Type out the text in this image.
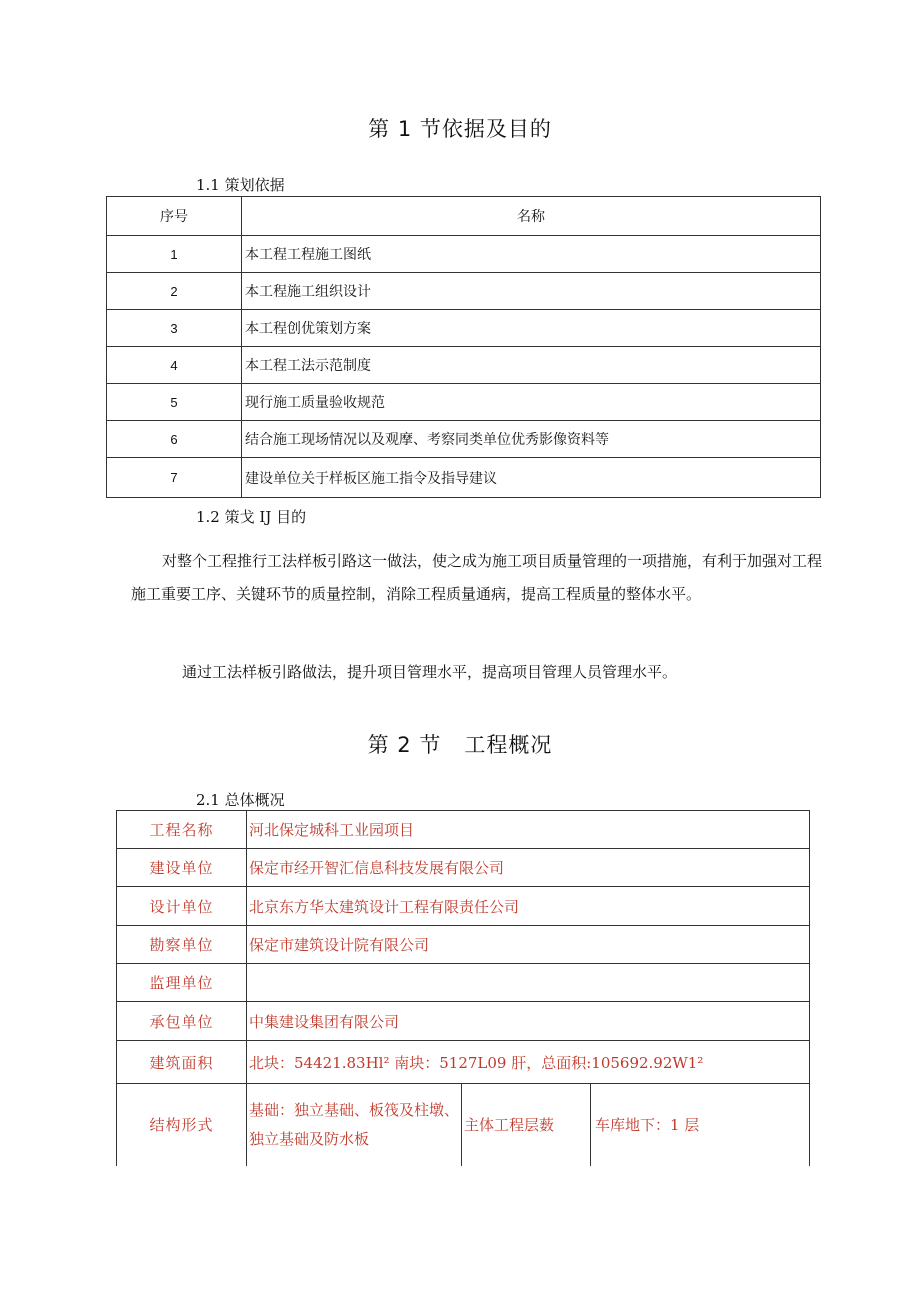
第 1 节依据及目的
1.1 策划依据
序号	名称
1	本工程工程施工图纸
2	本工程施工组织设计
3	本工程创优策划方案
4	本工程工法示范制度
5	现行施工质量验收规范
6	结合施工现场情况以及观摩、考察同类单位优秀影像资料等
7	建设单位关于样板区施工指令及指导建议
1.2 策戈 IJ 目的
对整个工程推行工法样板引路这一做法，使之成为施工项目质量管理的一项措施，有利于加强对工程施工重要工序、关键环节的质量控制，消除工程质量通病，提高工程质量的整体水平。
通过工法样板引路做法，提升项目管理水平，提高项目管理人员管理水平。
第 2 节   工程概况
2.1 总体概况
工程名称	河北保定城科工业园项目		
建设单位	保定市经开智汇信息科技发展有限公司		
设计单位	北京东方华太建筑设计工程有限责任公司		
勘察单位	保定市建筑设计院有限公司		
监理单位			
承包单位	中集建设集团有限公司		
建筑面积	北块：54421.83Hl² 南块：5127L09 肝，总面积:105692.92W1²		
结构形式	基础：独立基础、板筏及柱墩、独立基础及防水板	主体工程层薮	车库地下：1 层
